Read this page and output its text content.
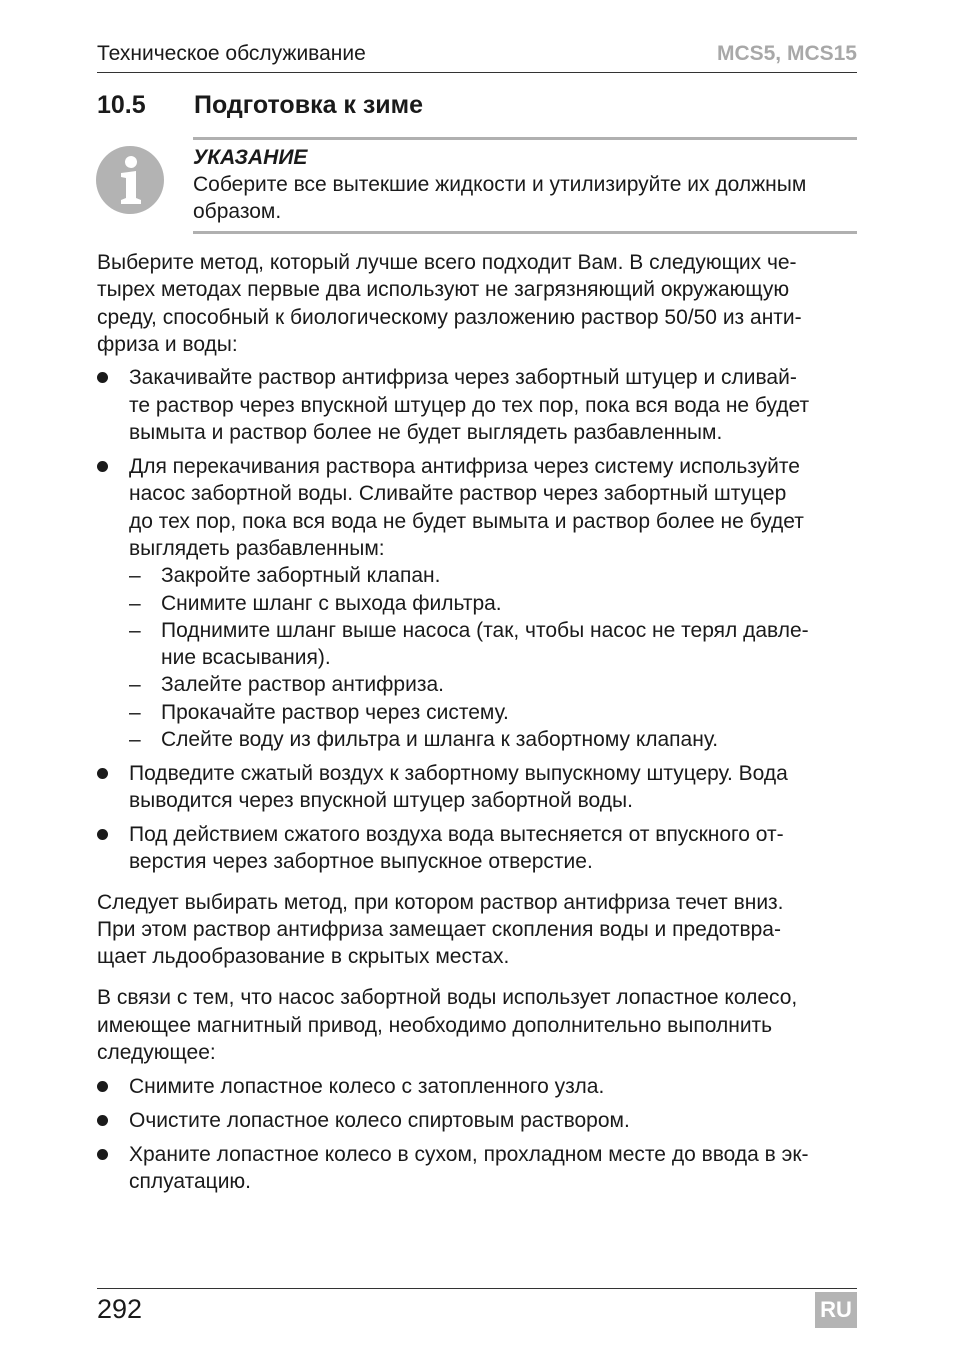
Техническое обслуживание	MCS5, MCS15
10.5 Подготовка к зиме
УКАЗАНИЕ
Соберите все вытекшие жидкости и утилизируйте их должным
образом.
Выберите метод, который лучше всего подходит Вам. В следующих че-
тырех методах первые два используют не загрязняющий окружающую
среду, способный к биологическому разложению раствор 50/50 из анти-
фриза и воды:
Закачивайте раствор антифриза через забортный штуцер и сливай-
те раствор через впускной штуцер до тех пор, пока вся вода не будет
вымыта и раствор более не будет выглядеть разбавленным.
Для перекачивания раствора антифриза через систему используйте
насос забортной воды. Сливайте раствор через забортный штуцер
до тех пор, пока вся вода не будет вымыта и раствор более не будет
выглядеть разбавленным:
– Закройте забортный клапан.
– Снимите шланг с выхода фильтра.
– Поднимите шланг выше насоса (так, чтобы насос не терял давле-
ние всасывания).
– Залейте раствор антифриза.
– Прокачайте раствор через систему.
– Слейте воду из фильтра и шланга к забортному клапану.
Подведите сжатый воздух к забортному выпускному штуцеру. Вода
выводится через впускной штуцер забортной воды.
Под действием сжатого воздуха вода вытесняется от впускного от-
верстия через забортное выпускное отверстие.
Следует выбирать метод, при котором раствор антифриза течет вниз.
При этом раствор антифриза замещает скопления воды и предотвра-
щает льдообразование в скрытых местах.
В связи с тем, что насос забортной воды использует лопастное колесо,
имеющее магнитный привод, необходимо дополнительно выполнить
следующее:
Снимите лопастное колесо с затопленного узла.
Очистите лопастное колесо спиртовым раствором.
Храните лопастное колесо в сухом, прохладном месте до ввода в эк-
сплуатацию.
292	RU
